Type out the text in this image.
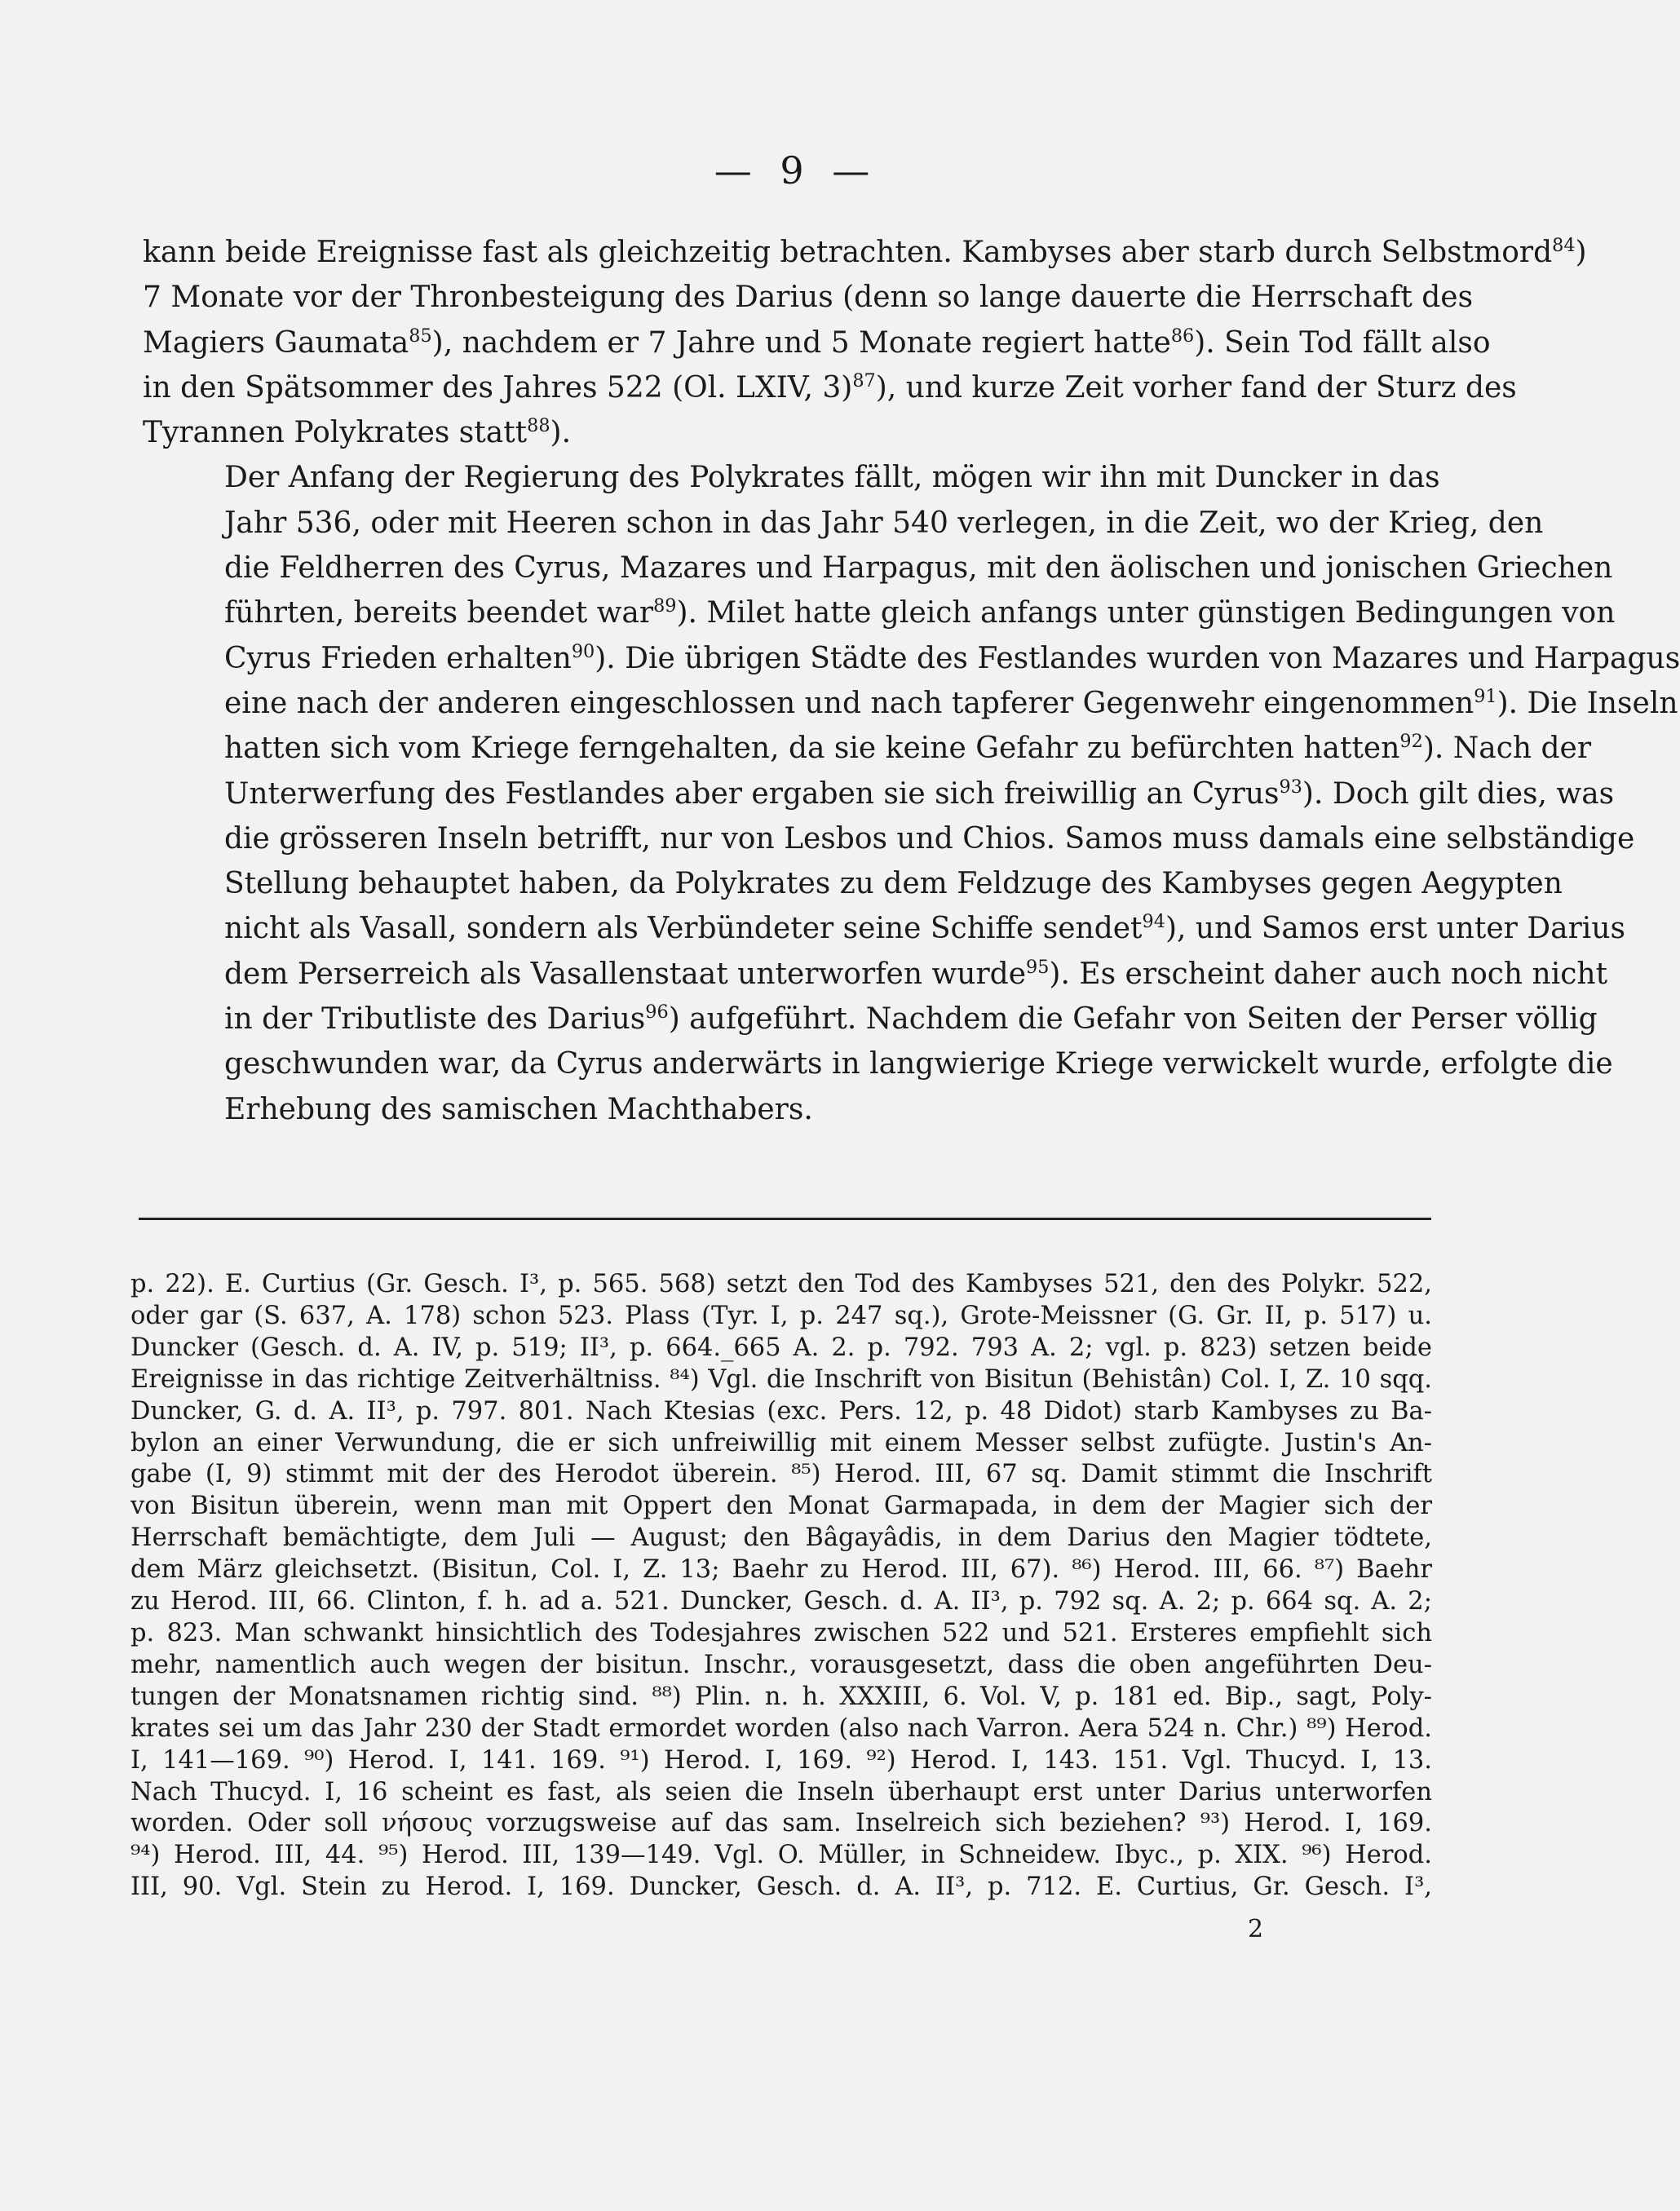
— 9 —
kann beide Ereignisse fast als gleichzeitig betrachten. Kambyses aber starb durch Selbstmord$^{84}$)
7 Monate vor der Thronbesteigung des Darius (denn so lange dauerte die Herrschaft des
Magiers Gaumata$^{85}$), nachdem er 7 Jahre und 5 Monate regiert hatte$^{86}$). Sein Tod fällt also
in den Spätsommer des Jahres 522 (Ol. LXIV, 3)$^{87}$), und kurze Zeit vorher fand der Sturz des
Tyrannen Polykrates statt$^{88}$).
Der Anfang der Regierung des Polykrates fällt, mögen wir ihn mit Duncker in das
Jahr 536, oder mit Heeren schon in das Jahr 540 verlegen, in die Zeit, wo der Krieg, den
die Feldherren des Cyrus, Mazares und Harpagus, mit den äolischen und jonischen Griechen
führten, bereits beendet war$^{89}$). Milet hatte gleich anfangs unter günstigen Bedingungen von
Cyrus Frieden erhalten$^{90}$). Die übrigen Städte des Festlandes wurden von Mazares und Harpagus
eine nach der anderen eingeschlossen und nach tapferer Gegenwehr eingenommen$^{91}$). Die Inseln
hatten sich vom Kriege ferngehalten, da sie keine Gefahr zu befürchten hatten$^{92}$). Nach der
Unterwerfung des Festlandes aber ergaben sie sich freiwillig an Cyrus$^{93}$). Doch gilt dies, was
die grösseren Inseln betrifft, nur von Lesbos und Chios. Samos muss damals eine selbständige
Stellung behauptet haben, da Polykrates zu dem Feldzuge des Kambyses gegen Aegypten
nicht als Vasall, sondern als Verbündeter seine Schiffe sendet$^{94}$), und Samos erst unter Darius
dem Perserreich als Vasallenstaat unterworfen wurde$^{95}$). Es erscheint daher auch noch nicht
in der Tributliste des Darius$^{96}$) aufgeführt. Nachdem die Gefahr von Seiten der Perser völlig
geschwunden war, da Cyrus anderwärts in langwierige Kriege verwickelt wurde, erfolgte die
Erhebung des samischen Machthabers.
p. 22). E. Curtius (Gr. Gesch. I³, p. 565. 568) setzt den Tod des Kambyses 521, den des Polykr. 522,
oder gar (S. 637, A. 178) schon 523. Plass (Tyr. I, p. 247 sq.), Grote-Meissner (G. Gr. II, p. 517) u.
Duncker (Gesch. d. A. IV, p. 519; II³, p. 664._665 A. 2. p. 792. 793 A. 2; vgl. p. 823) setzen beide
Ereignisse in das richtige Zeitverhältniss. ⁸⁴) Vgl. die Inschrift von Bisitun (Behistân) Col. I, Z. 10 sqq.
Duncker, G. d. A. II³, p. 797. 801. Nach Ktesias (exc. Pers. 12, p. 48 Didot) starb Kambyses zu Ba-
bylon an einer Verwundung, die er sich unfreiwillig mit einem Messer selbst zufügte. Justin's An-
gabe (I, 9) stimmt mit der des Herodot überein. ⁸⁵) Herod. III, 67 sq. Damit stimmt die Inschrift
von Bisitun überein, wenn man mit Oppert den Monat Garmapada, in dem der Magier sich der
Herrschaft bemächtigte, dem Juli — August; den Bâgayâdis, in dem Darius den Magier tödtete,
dem März gleichsetzt. (Bisitun, Col. I, Z. 13; Baehr zu Herod. III, 67). ⁸⁶) Herod. III, 66. ⁸⁷) Baehr
zu Herod. III, 66. Clinton, f. h. ad a. 521. Duncker, Gesch. d. A. II³, p. 792 sq. A. 2; p. 664 sq. A. 2;
p. 823. Man schwankt hinsichtlich des Todesjahres zwischen 522 und 521. Ersteres empfiehlt sich
mehr, namentlich auch wegen der bisitun. Inschr., vorausgesetzt, dass die oben angeführten Deu-
tungen der Monatsnamen richtig sind. ⁸⁸) Plin. n. h. XXXIII, 6. Vol. V, p. 181 ed. Bip., sagt, Poly-
krates sei um das Jahr 230 der Stadt ermordet worden (also nach Varron. Aera 524 n. Chr.) ⁸⁹) Herod.
I, 141—169. ⁹⁰) Herod. I, 141. 169. ⁹¹) Herod. I, 169. ⁹²) Herod. I, 143. 151. Vgl. Thucyd. I, 13.
Nach Thucyd. I, 16 scheint es fast, als seien die Inseln überhaupt erst unter Darius unterworfen
worden. Oder soll νήσους vorzugsweise auf das sam. Inselreich sich beziehen? ⁹³) Herod. I, 169.
⁹⁴) Herod. III, 44. ⁹⁵) Herod. III, 139—149. Vgl. O. Müller, in Schneidew. Ibyc., p. XIX. ⁹⁶) Herod.
III, 90. Vgl. Stein zu Herod. I, 169. Duncker, Gesch. d. A. II³, p. 712. E. Curtius, Gr. Gesch. I³,
2
